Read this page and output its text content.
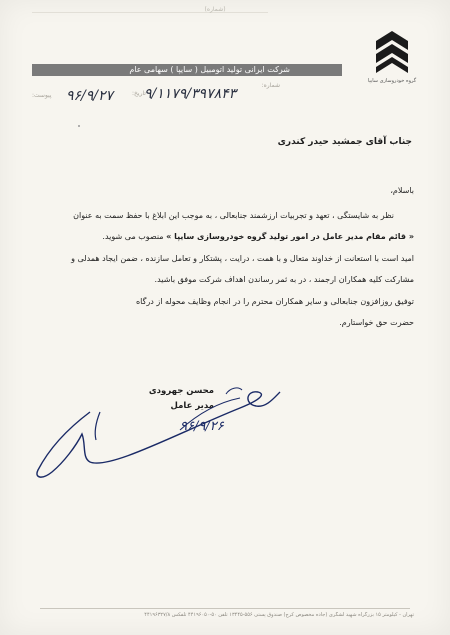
(شماره)
گروه خودروسازی سایپا
شرکت ایرانی تولید اتومبیل ( سایپا ) سهامی عام
شماره:
۹/۱۱۷۹/۳۹۷۸۴۳
تاریخ:
۹۶/۹/۲۷
پیوست:
جناب آقای جمشید حیدر کندری

باسلام،

نظر به شایستگی ، تعهد و تجربیات ارزشمند جنابعالی ، به موجب این ابلاغ با حفظ سمت به عنوان

« قائم مقام مدیر عامل در امور تولید گروه خودروسازی سایپا » منصوب می شوید.

امید است با استعانت از خداوند متعال و با همت ، درایت ، پشتکار و تعامل سازنده ، ضمن ایجاد همدلی و

مشارکت کلیه همکاران ارجمند ، در به ثمر رساندن اهداف شرکت موفق باشید.

توفیق روزافزون جنابعالی و سایر همکاران محترم را در انجام وظایف محوله از درگاه

حضرت حق خواستارم.

محسن جهرودی
مدیر عامل
۹۶/۹/۲۶
تهران - کیلومتر ۱۵ بزرگراه شهید لشگری (جاده مخصوص کرج) صندوق پستی ۵۵۶-۱۳۴۴۵ تلفن ۵۰-۴۴۱۹۶۰۵۰ تلفکس ۴۴۱۹۶۳۲۷/۸
